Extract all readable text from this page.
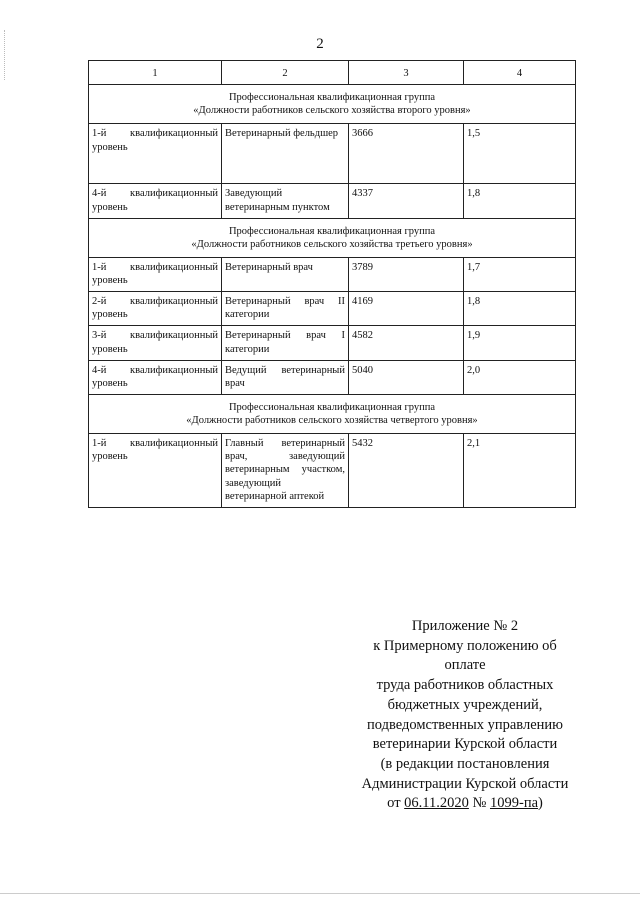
2
1	2	3	4

Профессиональная квалификационная группа
«Должности работников сельского хозяйства второго уровня»			

1-й квалификационный уровень	Ветеринарный фельдшер	3666	1,5
4-й квалификационный уровень	Заведующий ветеринарным пунктом	4337	1,8

Профессиональная квалификационная группа
«Должности работников сельского хозяйства третьего уровня»			

1-й квалификационный уровень	Ветеринарный врач	3789	1,7
2-й квалификационный уровень	Ветеринарный врач II категории	4169	1,8
3-й квалификационный уровень	Ветеринарный врач I категории	4582	1,9
4-й квалификационный уровень	Ведущий ветеринарный врач	5040	2,0

Профессиональная квалификационная группа
«Должности работников сельского хозяйства четвертого уровня»			

1-й квалификационный уровень	Главный ветеринарный врач, заведующий ветеринарным участком, заведующий ветеринарной аптекой	5432	2,1
Приложение № 2
к Примерному положению об
оплате
труда работников областных
бюджетных учреждений,
подведомственных управлению
ветеринарии Курской области
(в редакции постановления
Администрации Курской области
от 06.11.2020 № 1099-па)
